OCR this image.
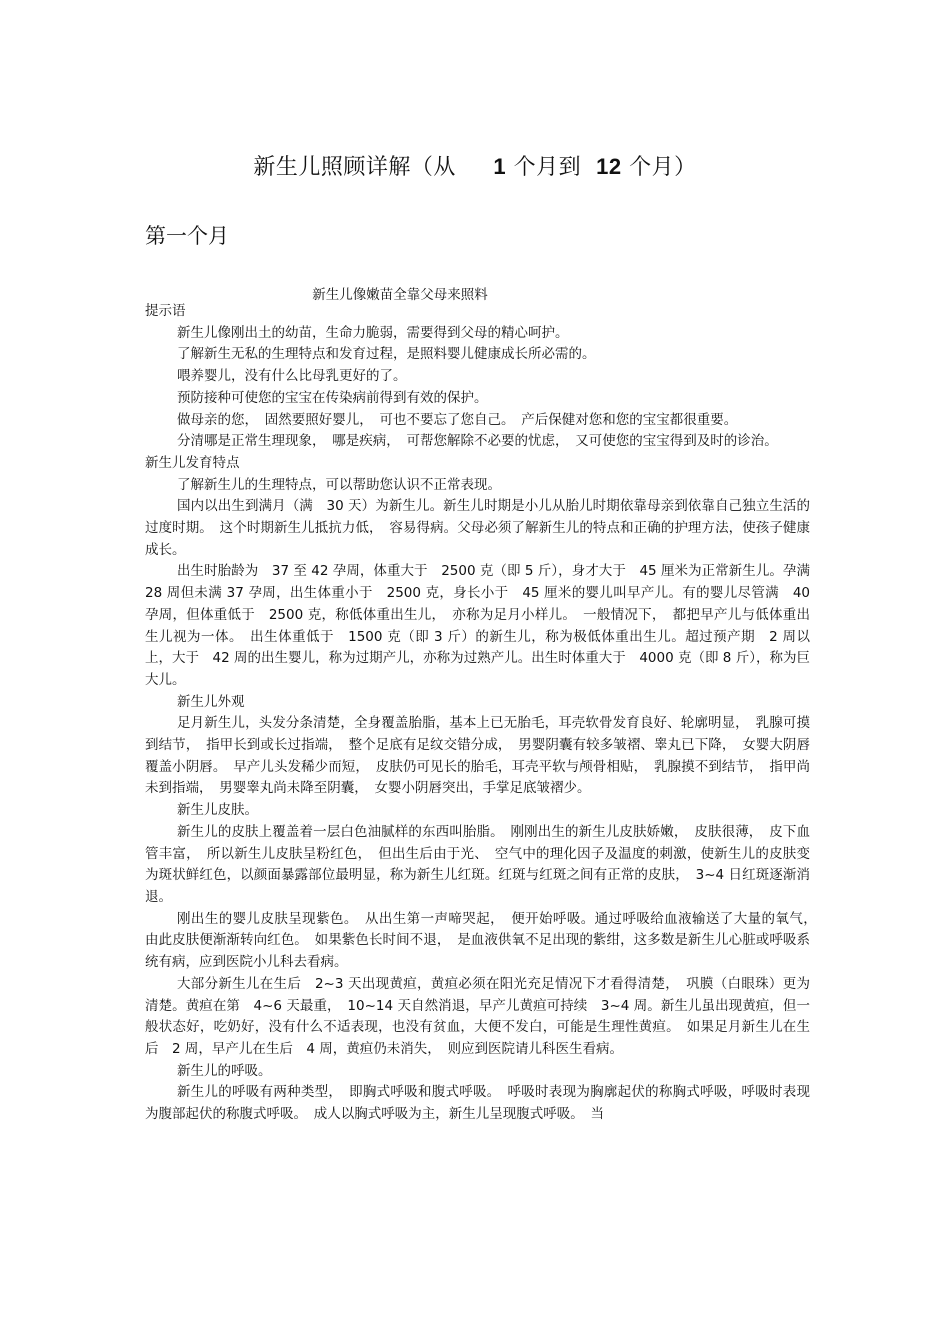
新生儿照顾详解（从 1 个月到 12 个月）
第一个月
新生儿像嫩苗全靠父母来照料

提示语

新生儿像刚出土的幼苗，生命力脆弱，需要得到父母的精心呵护。

了解新生无私的生理特点和发育过程，是照料婴儿健康成长所必需的。

喂养婴儿，没有什么比母乳更好的了。

预防接种可使您的宝宝在传染病前得到有效的保护。

做母亲的您，　固然要照好婴儿，　可也不要忘了您自己。　产后保健对您和您的宝宝都很重要。

分清哪是正常生理现象，　哪是疾病，　可帮您解除不必要的忧虑，　又可使您的宝宝得到及时的诊治。

新生儿发育特点

了解新生儿的生理特点，可以帮助您认识不正常表现。

国内以出生到满月（满　30 天）为新生儿。新生儿时期是小儿从胎儿时期依靠母亲到依靠自己独立生活的过度时期。　这个时期新生儿抵抗力低，　容易得病。父母必须了解新生儿的特点和正确的护理方法，使孩子健康成长。

出生时胎龄为　37 至 42 孕周，体重大于　2500 克（即 5 斤），身才大于　45 厘米为正常新生儿。孕满 28 周但未满 37 孕周，出生体重小于　2500 克，身长小于　45 厘米的婴儿叫早产儿。有的婴儿尽管满　40 孕周，但体重低于　2500 克，称低体重出生儿，　亦称为足月小样儿。　一般情况下，　都把早产儿与低体重出生儿视为一体。　出生体重低于　1500 克（即 3 斤）的新生儿，称为极低体重出生儿。超过预产期　2 周以上，大于　42 周的出生婴儿，称为过期产儿，亦称为过熟产儿。出生时体重大于　4000 克（即 8 斤），称为巨大儿。

新生儿外观

足月新生儿，头发分条清楚，全身覆盖胎脂，基本上已无胎毛，耳壳软骨发育良好、轮廓明显，　乳腺可摸到结节，　指甲长到或长过指端，　整个足底有足纹交错分成，　男婴阴囊有较多皱褶、睾丸已下降，　女婴大阴唇覆盖小阴唇。　早产儿头发稀少而短，　皮肤仍可见长的胎毛，耳壳平软与颅骨相贴，　乳腺摸不到结节，　指甲尚未到指端，　男婴睾丸尚未降至阴囊，　女婴小阴唇突出，手掌足底皱褶少。

新生儿皮肤。

新生儿的皮肤上覆盖着一层白色油腻样的东西叫胎脂。　刚刚出生的新生儿皮肤娇嫩，　皮肤很薄，　皮下血管丰富，　所以新生儿皮肤呈粉红色，　但出生后由于光、　空气中的理化因子及温度的刺激，使新生儿的皮肤变为斑状鲜红色，以颜面暴露部位最明显，称为新生儿红斑。红斑与红斑之间有正常的皮肤，　3~4 日红斑逐渐消退。

刚出生的婴儿皮肤呈现紫色。　从出生第一声啼哭起，　便开始呼吸。通过呼吸给血液输送了大量的氧气，　由此皮肤便渐渐转向红色。　如果紫色长时间不退，　是血液供氧不足出现的紫绀，这多数是新生儿心脏或呼吸系统有病，应到医院小儿科去看病。

大部分新生儿在生后　2~3 天出现黄疸，黄疸必须在阳光充足情况下才看得清楚，　巩膜（白眼珠）更为清楚。黄疸在第　4~6 天最重，　10~14 天自然消退，早产儿黄疸可持续　3~4 周。新生儿虽出现黄疸，但一般状态好，吃奶好，没有什么不适表现，也没有贫血，大便不发白，可能是生理性黄疸。　如果足月新生儿在生后　2 周，早产儿在生后　4 周，黄疸仍未消失，　则应到医院请儿科医生看病。

新生儿的呼吸。

新生儿的呼吸有两种类型，　即胸式呼吸和腹式呼吸。　呼吸时表现为胸廓起伏的称胸式呼吸，呼吸时表现为腹部起伏的称腹式呼吸。　成人以胸式呼吸为主，新生儿呈现腹式呼吸。　当
